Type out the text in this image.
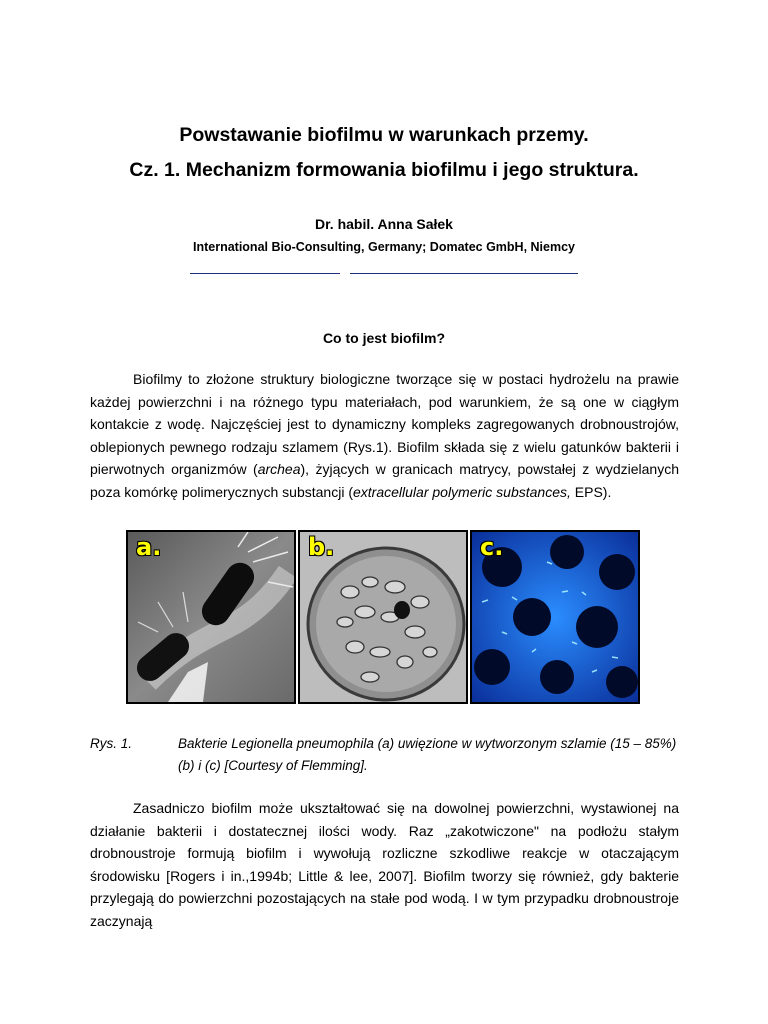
Powstawanie biofilmu w warunkach przemy.
Cz. 1. Mechanizm formowania biofilmu i jego struktura.
Dr. habil. Anna Sałek
International Bio-Consulting, Germany; Domatec GmbH, Niemcy
Co to jest biofilm?

Biofilmy to złożone struktury biologiczne tworzące się w postaci hydrożelu na prawie każdej powierzchni i na różnego typu materiałach, pod warunkiem, że są one w ciągłym kontakcie z wodę. Najczęściej jest to dynamiczny kompleks zagregowanych drobnoustrojów, oblepionych pewnego rodzaju szlamem (Rys.1). Biofilm składa się z wielu gatunków bakterii i pierwotnych organizmów (archea), żyjących w granicach matrycy, powstałej z wydzielanych poza komórkę polimerycznych substancji (extracellular polymeric substances, EPS).

a.	b.	c.
Rys. 1.	Bakterie Legionella pneumophila (a) uwięzione w wytworzonym szlamie (15 – 85%) (b) i (c) [Courtesy of Flemming].

Zasadniczo biofilm może ukształtować się na dowolnej powierzchni, wystawionej na działanie bakterii i dostatecznej ilości wody. Raz „zakotwiczone" na podłożu stałym drobnoustroje formują biofilm i wywołują rozliczne szkodliwe reakcje w otaczającym środowisku [Rogers i in.,1994b; Little & lee, 2007]. Biofilm tworzy się również, gdy bakterie przylegają do powierzchni pozostających na stałe pod wodą. I w tym przypadku drobnoustroje zaczynają
